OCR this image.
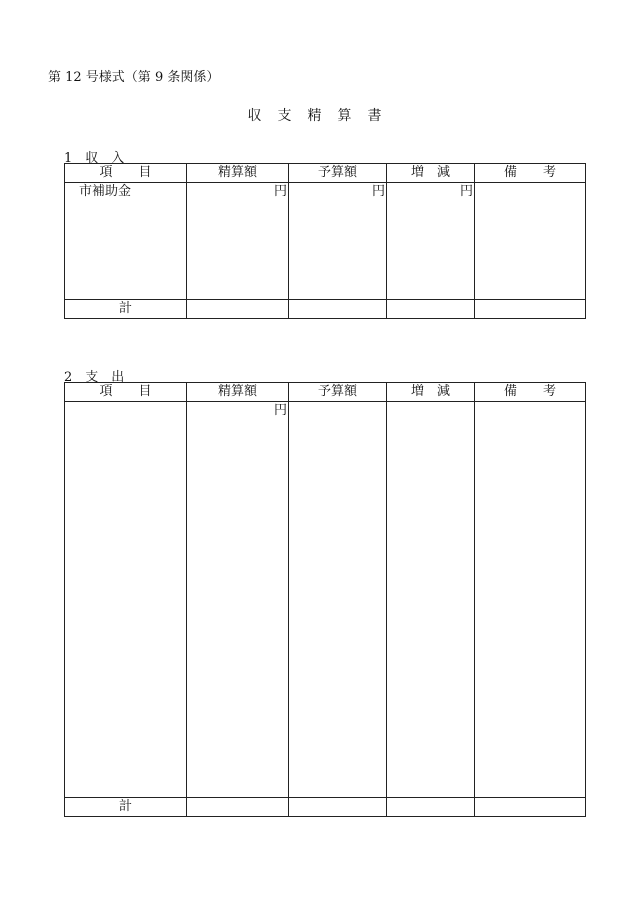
第 12 号様式（第 9 条関係）
収　支　精　算　書
1　収　入
項　　目	精算額	予算額	増　減	備　　考
市補助金	円	円	円	
計				
2　支　出
項　　目	精算額	予算額	増　減	備　　考
	円			
計				
